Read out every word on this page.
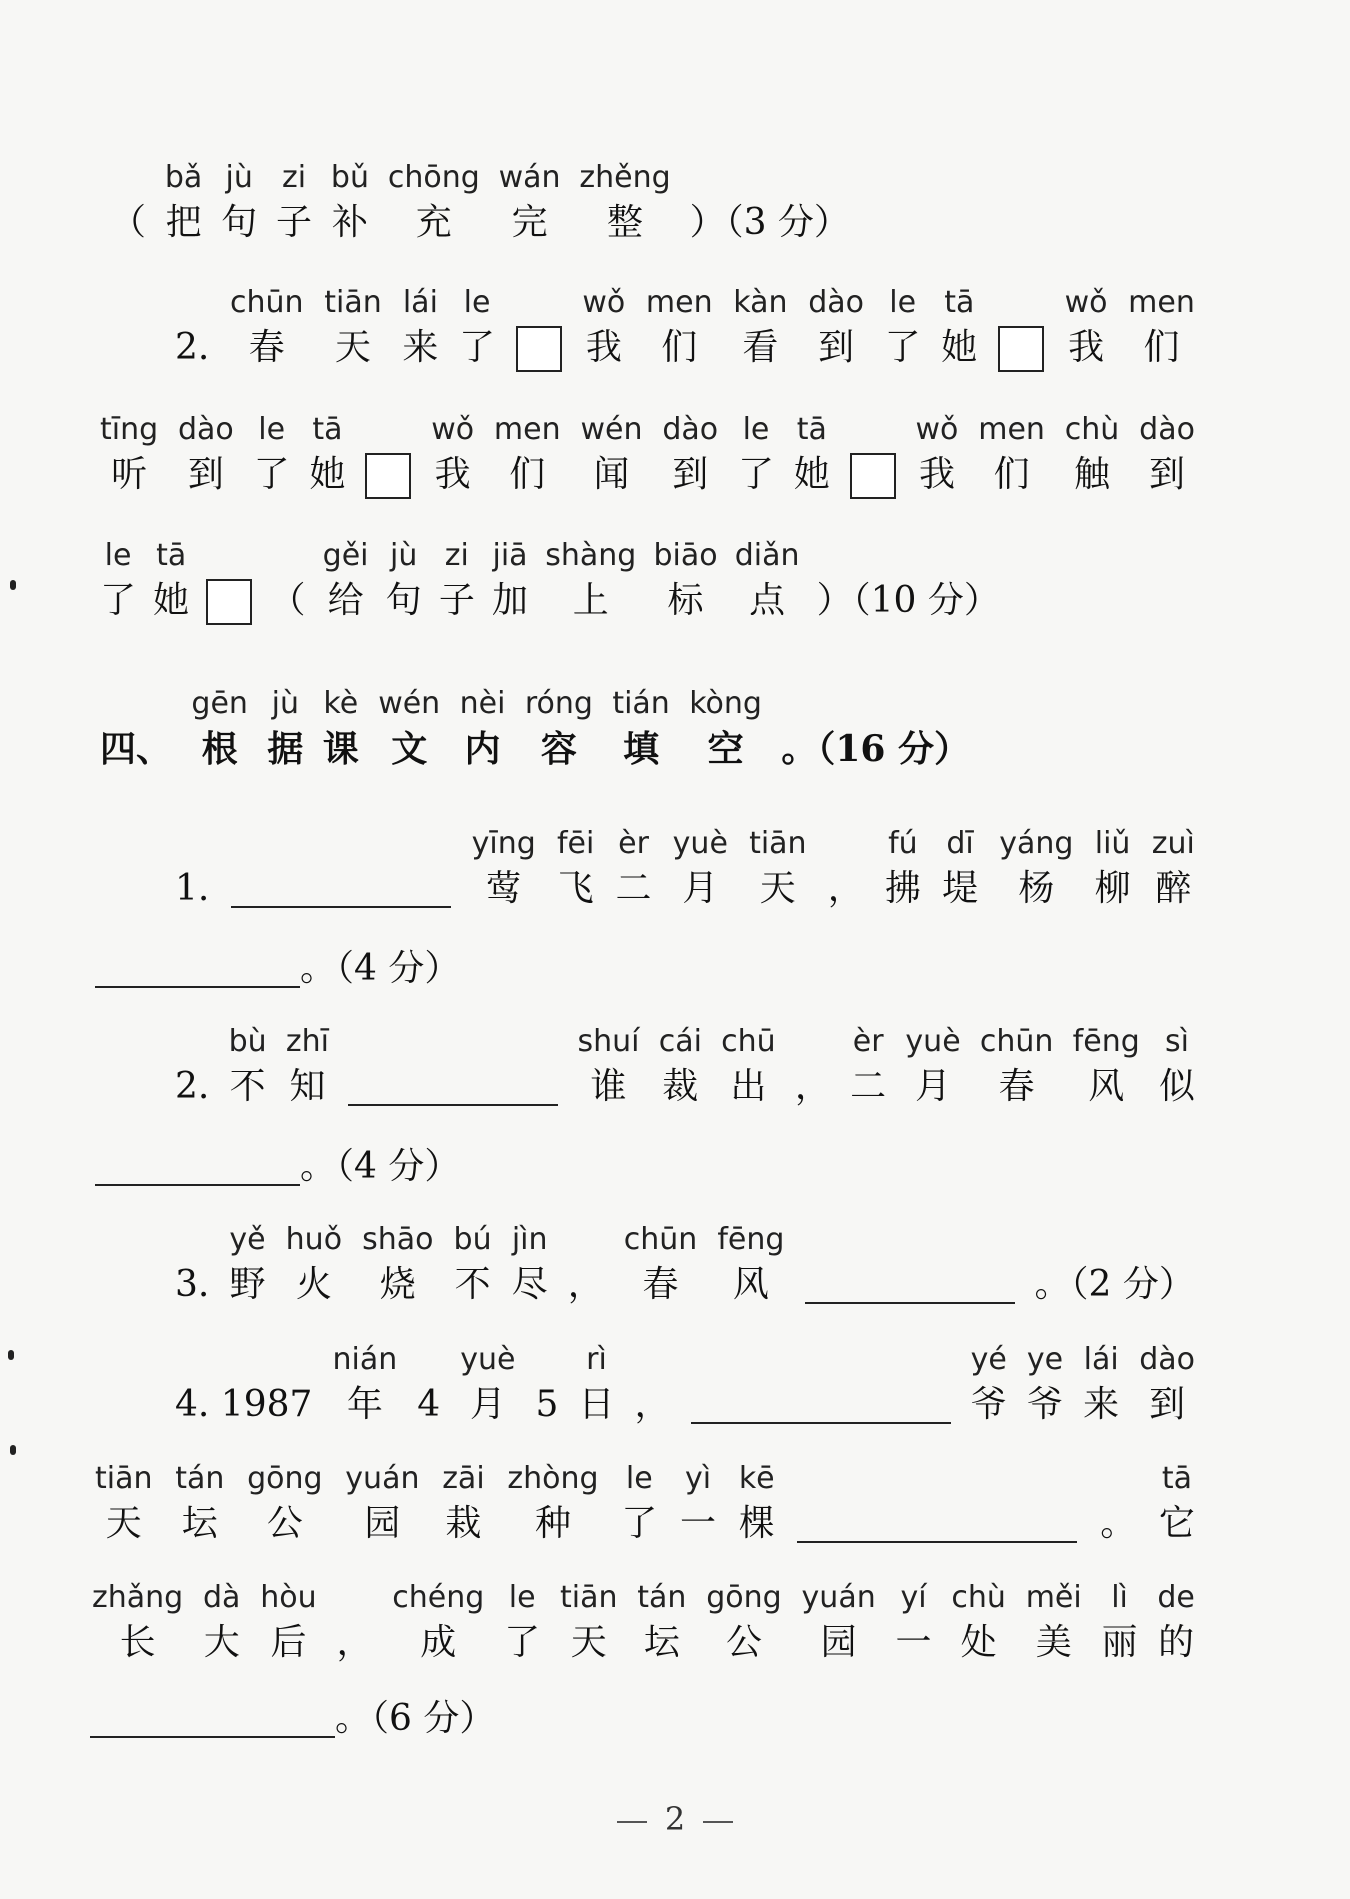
（
bǎ
把
jù
句
zi
子
bǔ
补
chōng
充
wán
完
zhěng
整 ）（3 分）
2.
chūn
春
tiān
天
lái
来
le
了
wǒ
我
men
们
kàn
看
dào
到
le
了
tā
她
wǒ
我
men
们
tīng
听
dào
到
le
了
tā
她
wǒ
我
men
们
wén
闻
dào
到
le
了
tā
她
wǒ
我
men
们
chù
触
dào
到
le
了
tā
她 （
gěi
给
jù
句
zi
子
jiā
加
shàng
上
biāo
标
diǎn
点 ）（10 分）
四、
gēn
根
jù
据
kè
课
wén
文
nèi
内
róng
容
tián
填
kòng
空 。（16 分）
1.
yīng
莺
fēi
飞
èr
二
yuè
月
tiān
天 ，
fú
拂
dī
堤
yáng
杨
liǔ
柳
zuì
醉
。（4 分）
2.
bù
不
zhī
知
shuí
谁
cái
裁
chū
出 ，
èr
二
yuè
月
chūn
春
fēng
风
sì
似
。（4 分）
3.
yě
野
huǒ
火
shāo
烧
bú
不
jìn
尽 ，
chūn
春
fēng
风	。（2 分）
4. 1987
nián
年 4
yuè
月 5
rì
日 ，
yé
爷
ye
爷
lái
来
dào
到
tiān
天
tán
坛
gōng
公
yuán
园
zāi
栽
zhòng
种
le
了
yì
一
kē
棵	。
tā
它
zhǎng
长
dà
大
hòu
后 ，
chéng
成
le
了
tiān
天
tán
坛
gōng
公
yuán
园
yí
一
chù
处
měi
美
lì
丽
de
的
。（6 分）
2
